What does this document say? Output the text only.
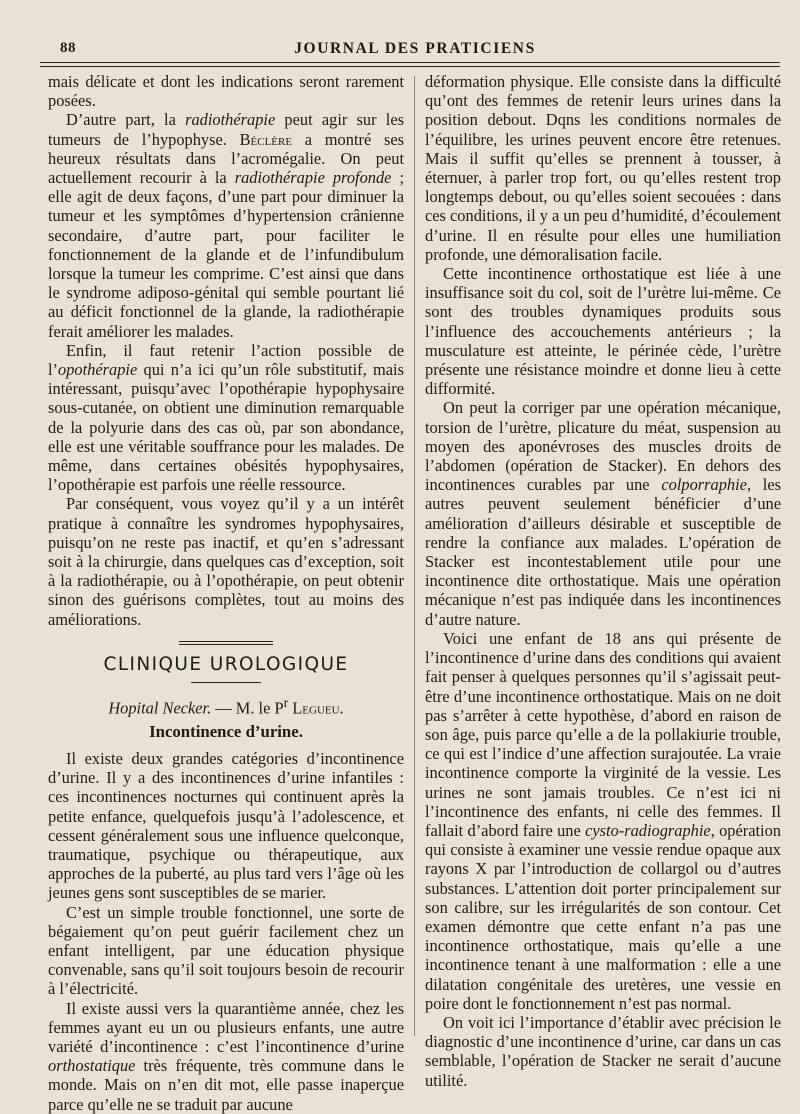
88	JOURNAL DES PRATICIENS

mais délicate et dont les indications seront rarement posées.

D’autre part, la radiothérapie peut agir sur les tumeurs de l’hypophyse. Béclère a montré ses heureux résultats dans l’acromégalie. On peut actuellement recourir à la radiothérapie profonde ; elle agit de deux façons, d’une part pour diminuer la tumeur et les symptômes d’hypertension crânienne secondaire, d’autre part, pour faciliter le fonctionnement de la glande et de l’infundibulum lorsque la tumeur les comprime. C’est ainsi que dans le syndrome adiposo-génital qui semble pourtant lié au déficit fonctionnel de la glande, la radiothérapie ferait améliorer les malades.

Enfin, il faut retenir l’action possible de l’opothérapie qui n’a ici qu’un rôle substitutif, mais intéressant, puisqu’avec l’opothérapie hypophysaire sous-cutanée, on obtient une diminution remarquable de la polyurie dans des cas où, par son abondance, elle est une véritable souffrance pour les malades. De même, dans certaines obésités hypophysaires, l’opothérapie est parfois une réelle ressource.

Par conséquent, vous voyez qu’il y a un intérêt pratique à connaître les syndromes hypophysaires, puisqu’on ne reste pas inactif, et qu’en s’adressant soit à la chirurgie, dans quelques cas d’exception, soit à la radiothérapie, ou à l’opothérapie, on peut obtenir sinon des guérisons complètes, tout au moins des améliorations.

CLINIQUE UROLOGIQUE
Hopital Necker. — M. le $P^r$ Legueu.
Incontinence d’urine.

Il existe deux grandes catégories d’incontinence d’urine. Il y a des incontinences d’urine infantiles : ces incontinences nocturnes qui continuent après la petite enfance, quelquefois jusqu’à l’adolescence, et cessent généralement sous une influence quelconque, traumatique, psychique ou thérapeutique, aux approches de la puberté, au plus tard vers l’âge où les jeunes gens sont susceptibles de se marier.

C’est un simple trouble fonctionnel, une sorte de bégaiement qu’on peut guérir facilement chez un enfant intelligent, par une éducation physique convenable, sans qu’il soit toujours besoin de recourir à l’électricité.

Il existe aussi vers la quarantième année, chez les femmes ayant eu un ou plusieurs enfants, une autre variété d’incontinence : c’est l’incontinence d’urine orthostatique très fréquente, très commune dans le monde. Mais on n’en dit mot, elle passe inaperçue parce qu’elle ne se traduit par aucune

déformation physique. Elle consiste dans la difficulté qu’ont des femmes de retenir leurs urines dans la position debout. Dqns les conditions normales de l’équilibre, les urines peuvent encore être retenues. Mais il suffit qu’elles se prennent à tousser, à éternuer, à parler trop fort, ou qu’elles restent trop longtemps debout, ou qu’elles soient secouées : dans ces conditions, il y a un peu d’humidité, d’écoulement d’urine. Il en résulte pour elles une humiliation profonde, une démoralisation facile.

Cette incontinence orthostatique est liée à une insuffisance soit du col, soit de l’urètre lui-même. Ce sont des troubles dynamiques produits sous l’influence des accouchements antérieurs ; la musculature est atteinte, le périnée cède, l’urètre présente une résistance moindre et donne lieu à cette difformité.

On peut la corriger par une opération mécanique, torsion de l’urètre, plicature du méat, suspension au moyen des aponévroses des muscles droits de l’abdomen (opération de Stacker). En dehors des incontinences curables par une colporraphie, les autres peuvent seulement bénéficier d’une amélioration d’ailleurs désirable et susceptible de rendre la confiance aux malades. L’opération de Stacker est incontestablement utile pour une incontinence dite orthostatique. Mais une opération mécanique n’est pas indiquée dans les incontinences d’autre nature.

Voici une enfant de 18 ans qui présente de l’incontinence d’urine dans des conditions qui avaient fait penser à quelques personnes qu’il s’agissait peut-être d’une incontinence orthostatique. Mais on ne doit pas s’arrêter à cette hypothèse, d’abord en raison de son âge, puis parce qu’elle a de la pollakiurie trouble, ce qui est l’indice d’une affection surajoutée. La vraie incontinence comporte la virginité de la vessie. Les urines ne sont jamais troubles. Ce n’est ici ni l’incontinence des enfants, ni celle des femmes. Il fallait d’abord faire une cysto-radiographie, opération qui consiste à examiner une vessie rendue opaque aux rayons X par l’introduction de collargol ou d’autres substances. L’attention doit porter principalement sur son calibre, sur les irrégularités de son contour. Cet examen démontre que cette enfant n’a pas une incontinence orthostatique, mais qu’elle a une incontinence tenant à une malformation : elle a une dilatation congénitale des uretères, une vessie en poire dont le fonctionnement n’est pas normal.

On voit ici l’importance d’établir avec précision le diagnostic d’une incontinence d’urine, car dans un cas semblable, l’opération de Stacker ne serait d’aucune utilité.
